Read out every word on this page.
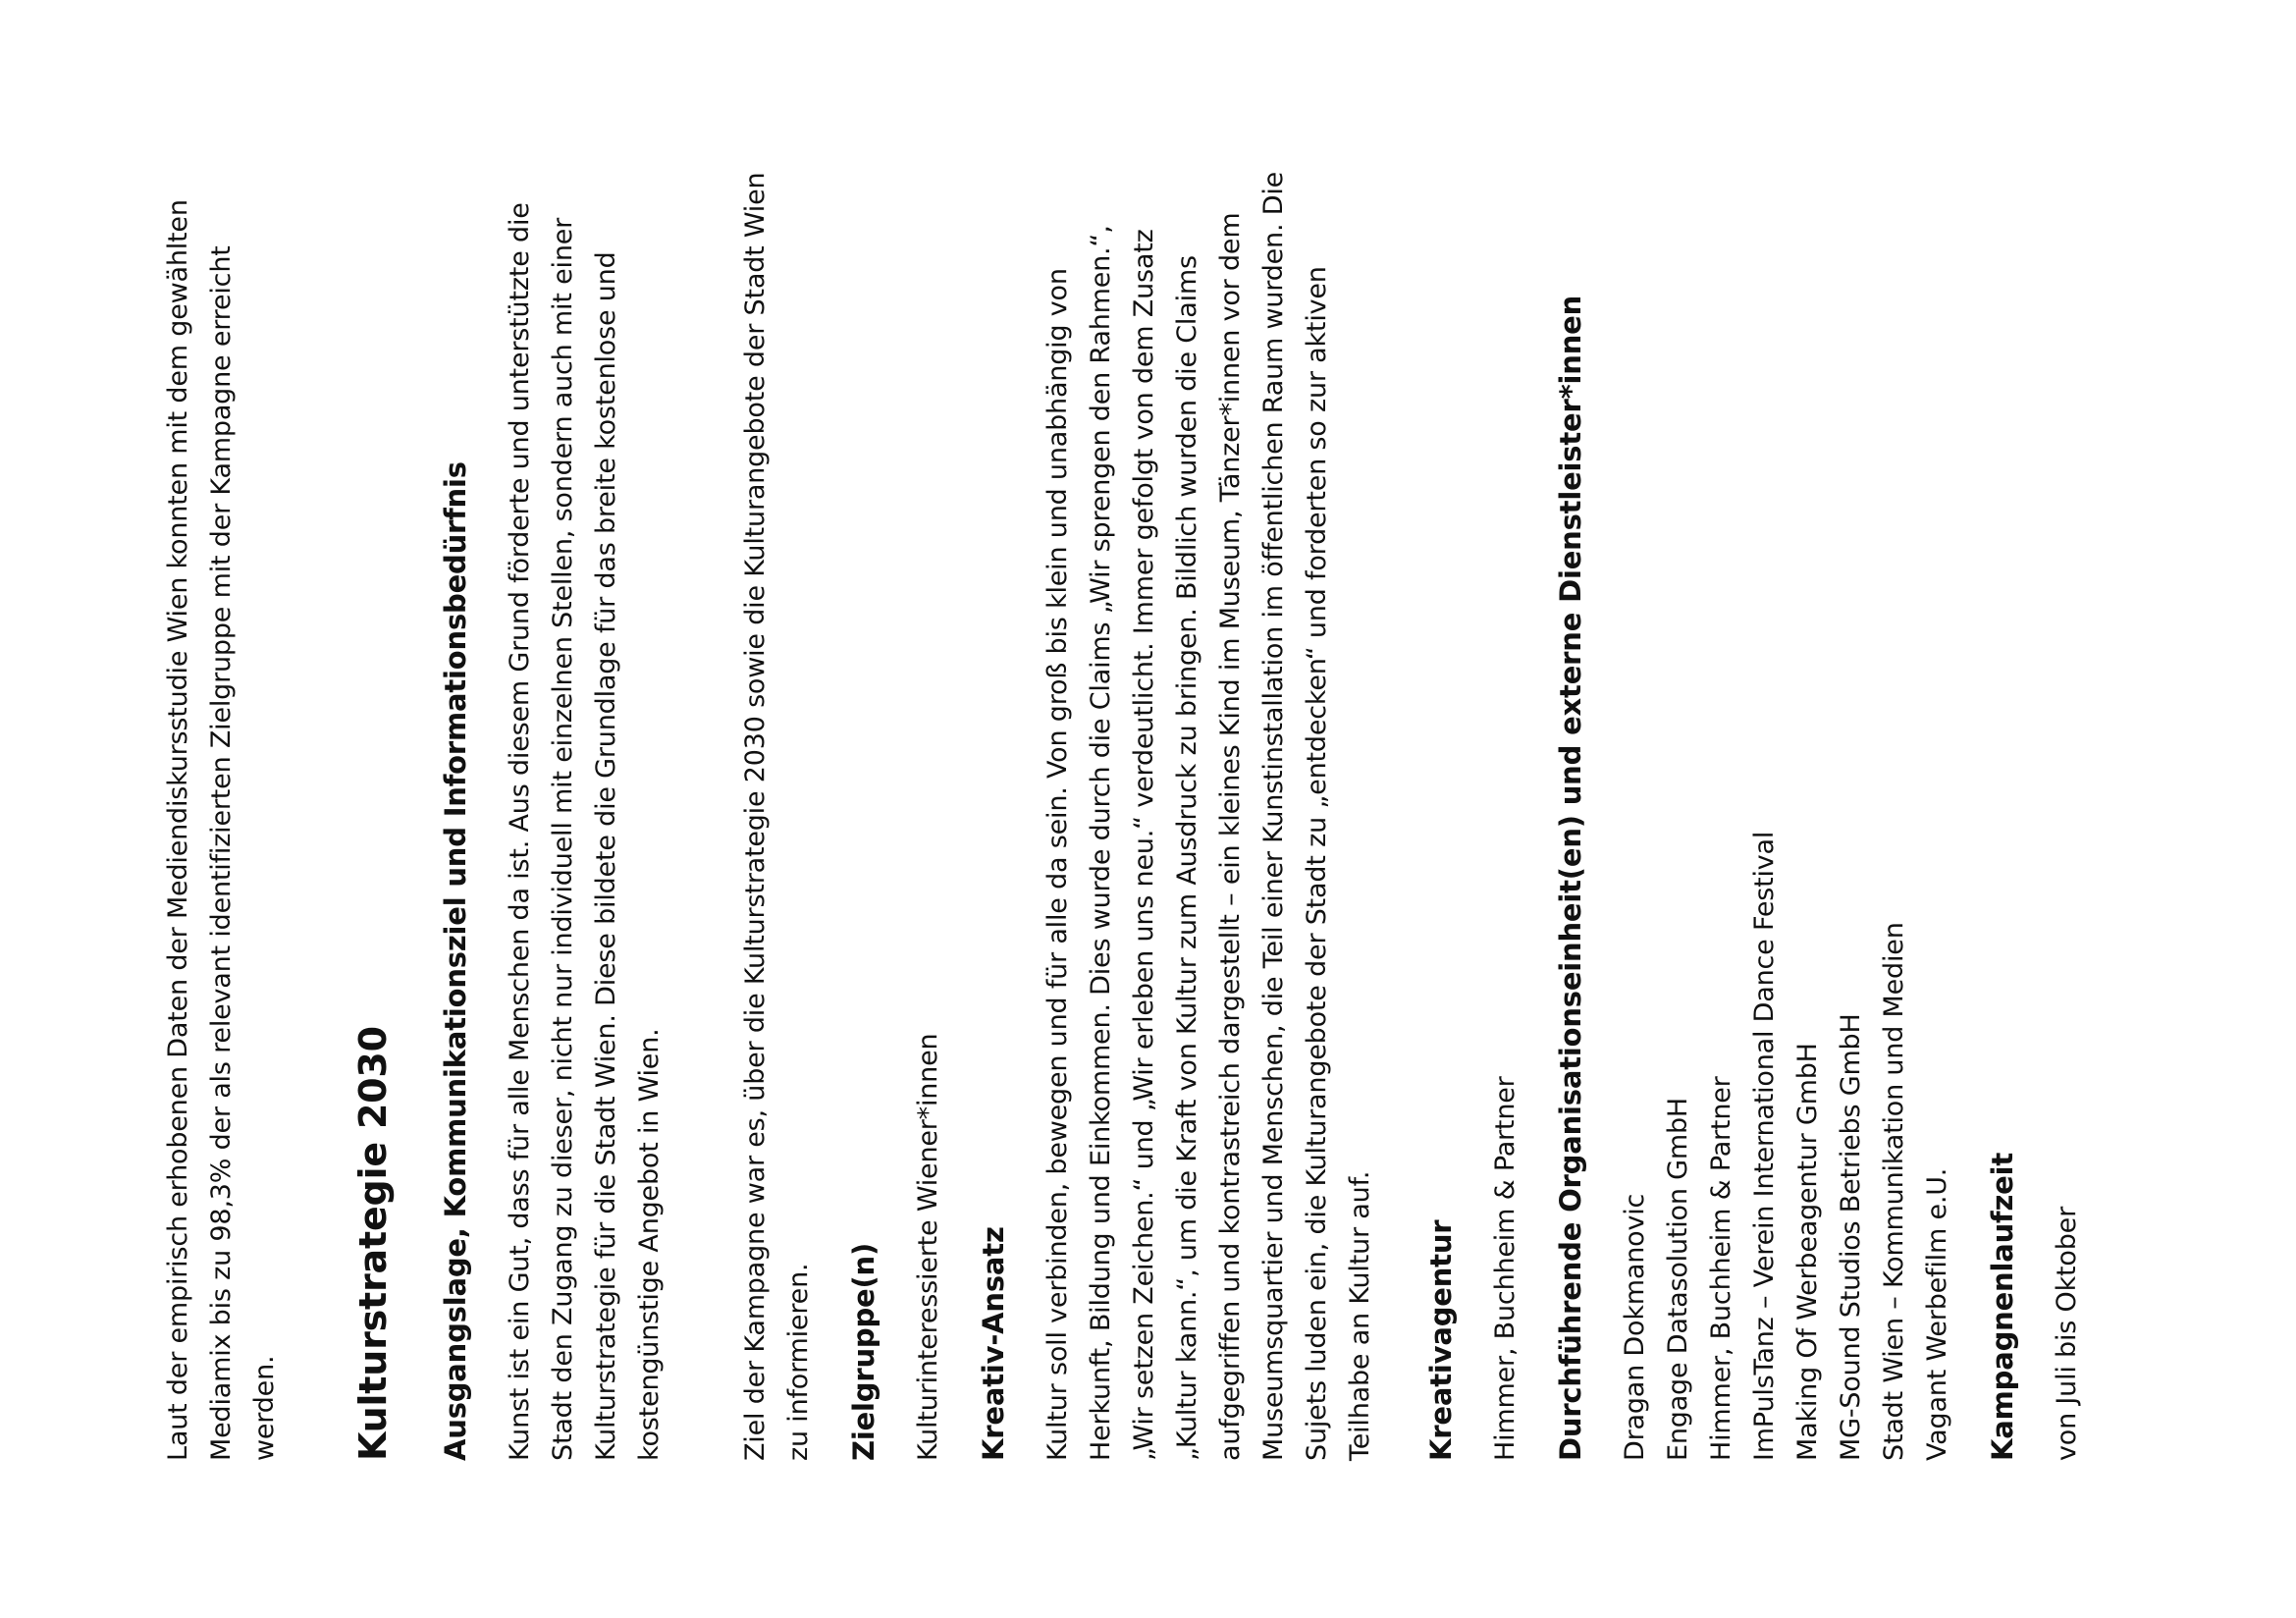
Laut der empirisch erhobenen Daten der Mediendiskursstudie Wien konnten mit dem gewählten Mediamix bis zu 98,3% der als relevant identifizierten Zielgruppe mit der Kampagne erreicht werden. Kulturstrategie 2030 Ausgangslage, Kommunikationsziel und Informationsbedürfnis Kunst ist ein Gut, dass für alle Menschen da ist. Aus diesem Grund förderte und unterstützte die Stadt den Zugang zu dieser, nicht nur individuell mit einzelnen Stellen, sondern auch mit einer Kulturstrategie für die Stadt Wien. Diese bildete die Grundlage für das breite kostenlose und kostengünstige Angebot in Wien.	Ziel der Kampagne war es, über die Kulturstrategie 2030 sowie die Kulturangebote der Stadt Wien zu informieren. Zielgruppe(n) Kulturinteressierte Wiener*innen Kreativ-Ansatz Kultur soll verbinden, bewegen und für alle da sein. Von groß bis klein und unabhängig von Herkunft, Bildung und Einkommen. Dies wurde durch die Claims „Wir sprengen den Rahmen.“, „Wir setzen Zeichen.“ und „Wir erleben uns neu.“ verdeutlicht. Immer gefolgt von dem Zusatz „Kultur kann.“, um die Kraft von Kultur zum Ausdruck zu bringen. Bildlich wurden die Claims aufgegriffen und kontrastreich dargestellt – ein kleines Kind im Museum, Tänzer*innen vor dem Museumsquartier und Menschen, die Teil einer Kunstinstallation im öffentlichen Raum wurden. Die Sujets luden ein, die Kulturangebote der Stadt zu „entdecken“ und forderten so zur aktiven Teilhabe an Kultur auf. Kreativagentur Himmer, Buchheim & Partner Durchführende Organisationseinheit(en) und externe Dienstleister*innen Dragan Dokmanovic Engage Datasolution GmbH Himmer, Buchheim & Partner ImPulsTanz – Verein International Dance Festival Making Of Werbeagentur GmbH MG-Sound Studios Betriebs GmbH Stadt Wien – Kommunikation und Medien Vagant Werbefilm e.U. Kampagnenlaufzeit von Juli bis Oktober
